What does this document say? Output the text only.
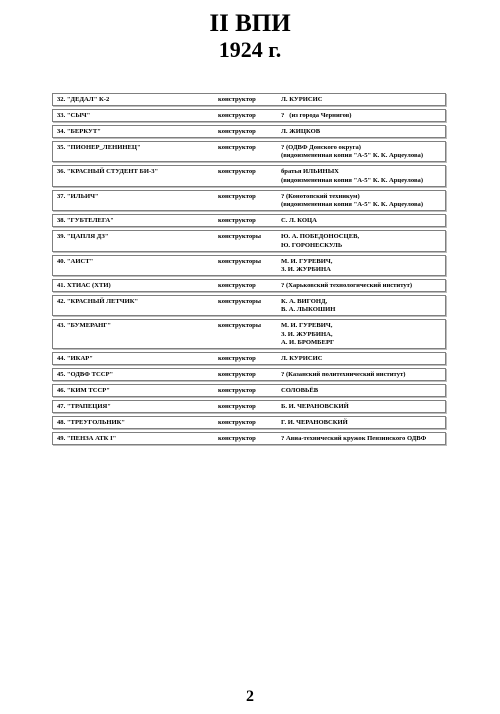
II ВПИ
1924 г.
32. "ДЕДАЛ" К-2	конструктор	Л. КУРИСИС
33. "СЫЧ"	конструктор	?   (из города Чернигов)
34. "БЕРКУТ"	конструктор	Л. ЖИЦКОВ
35. "ПИОНЕР_ЛЕНИНЕЦ"	конструктор	? (ОДВФ Донского округа)
(видоизмененная копия "А-5" К. К. Арцеулова)
36. "КРАСНЫЙ СТУДЕНТ БИ-3"	конструктор	братья ИЛЬИНЫХ
(видоизмененная копия "А-5" К. К. Арцеулова)
37. "ИЛЬИЧ"	конструктор	? (Конотопский техникум)
(видоизмененная копия "А-5" К. К. Арцеулова)
38. "ГУБТЕЛЕГА"	конструктор	С. Л. КОЦА
39. "ЦАПЛЯ ДЗ"	конструкторы	Ю. А. ПОБЕДОНОСЦЕВ,
Ю. ГОРОНЕСКУЛЬ
40. "АИСТ"	конструкторы	М. И. ГУРЕВИЧ,
З. И. ЖУРБИНА
41. ХТИАС (ХТИ)	конструктор	? (Харьковский технологический институт)
42. "КРАСНЫЙ ЛЕТЧИК"	конструкторы	К. А. ВИГОНД,
В. А. ЛЫКОШИН
43. "БУМЕРАНГ"	конструкторы	М. И. ГУРЕВИЧ,
З. И. ЖУРБИНА,
А. И. БРОМБЕРГ
44. "ИКАР"	конструктор	Л. КУРИСИС
45. "ОДВФ ТССР"	конструктор	? (Казанский политехнический институт)
46. "КИМ ТССР"	конструктор	СОЛОВЬЁВ
47. "ТРАПЕЦИЯ"	конструктор	Б. И. ЧЕРАНОВСКИЙ
48. "ТРЕУГОЛЬНИК"	конструктор	Г. И. ЧЕРАНОВСКИЙ
49. "ПЕНЗА АТК I"	конструктор	? Авиа-технический кружок Пензинского ОДВФ
2
